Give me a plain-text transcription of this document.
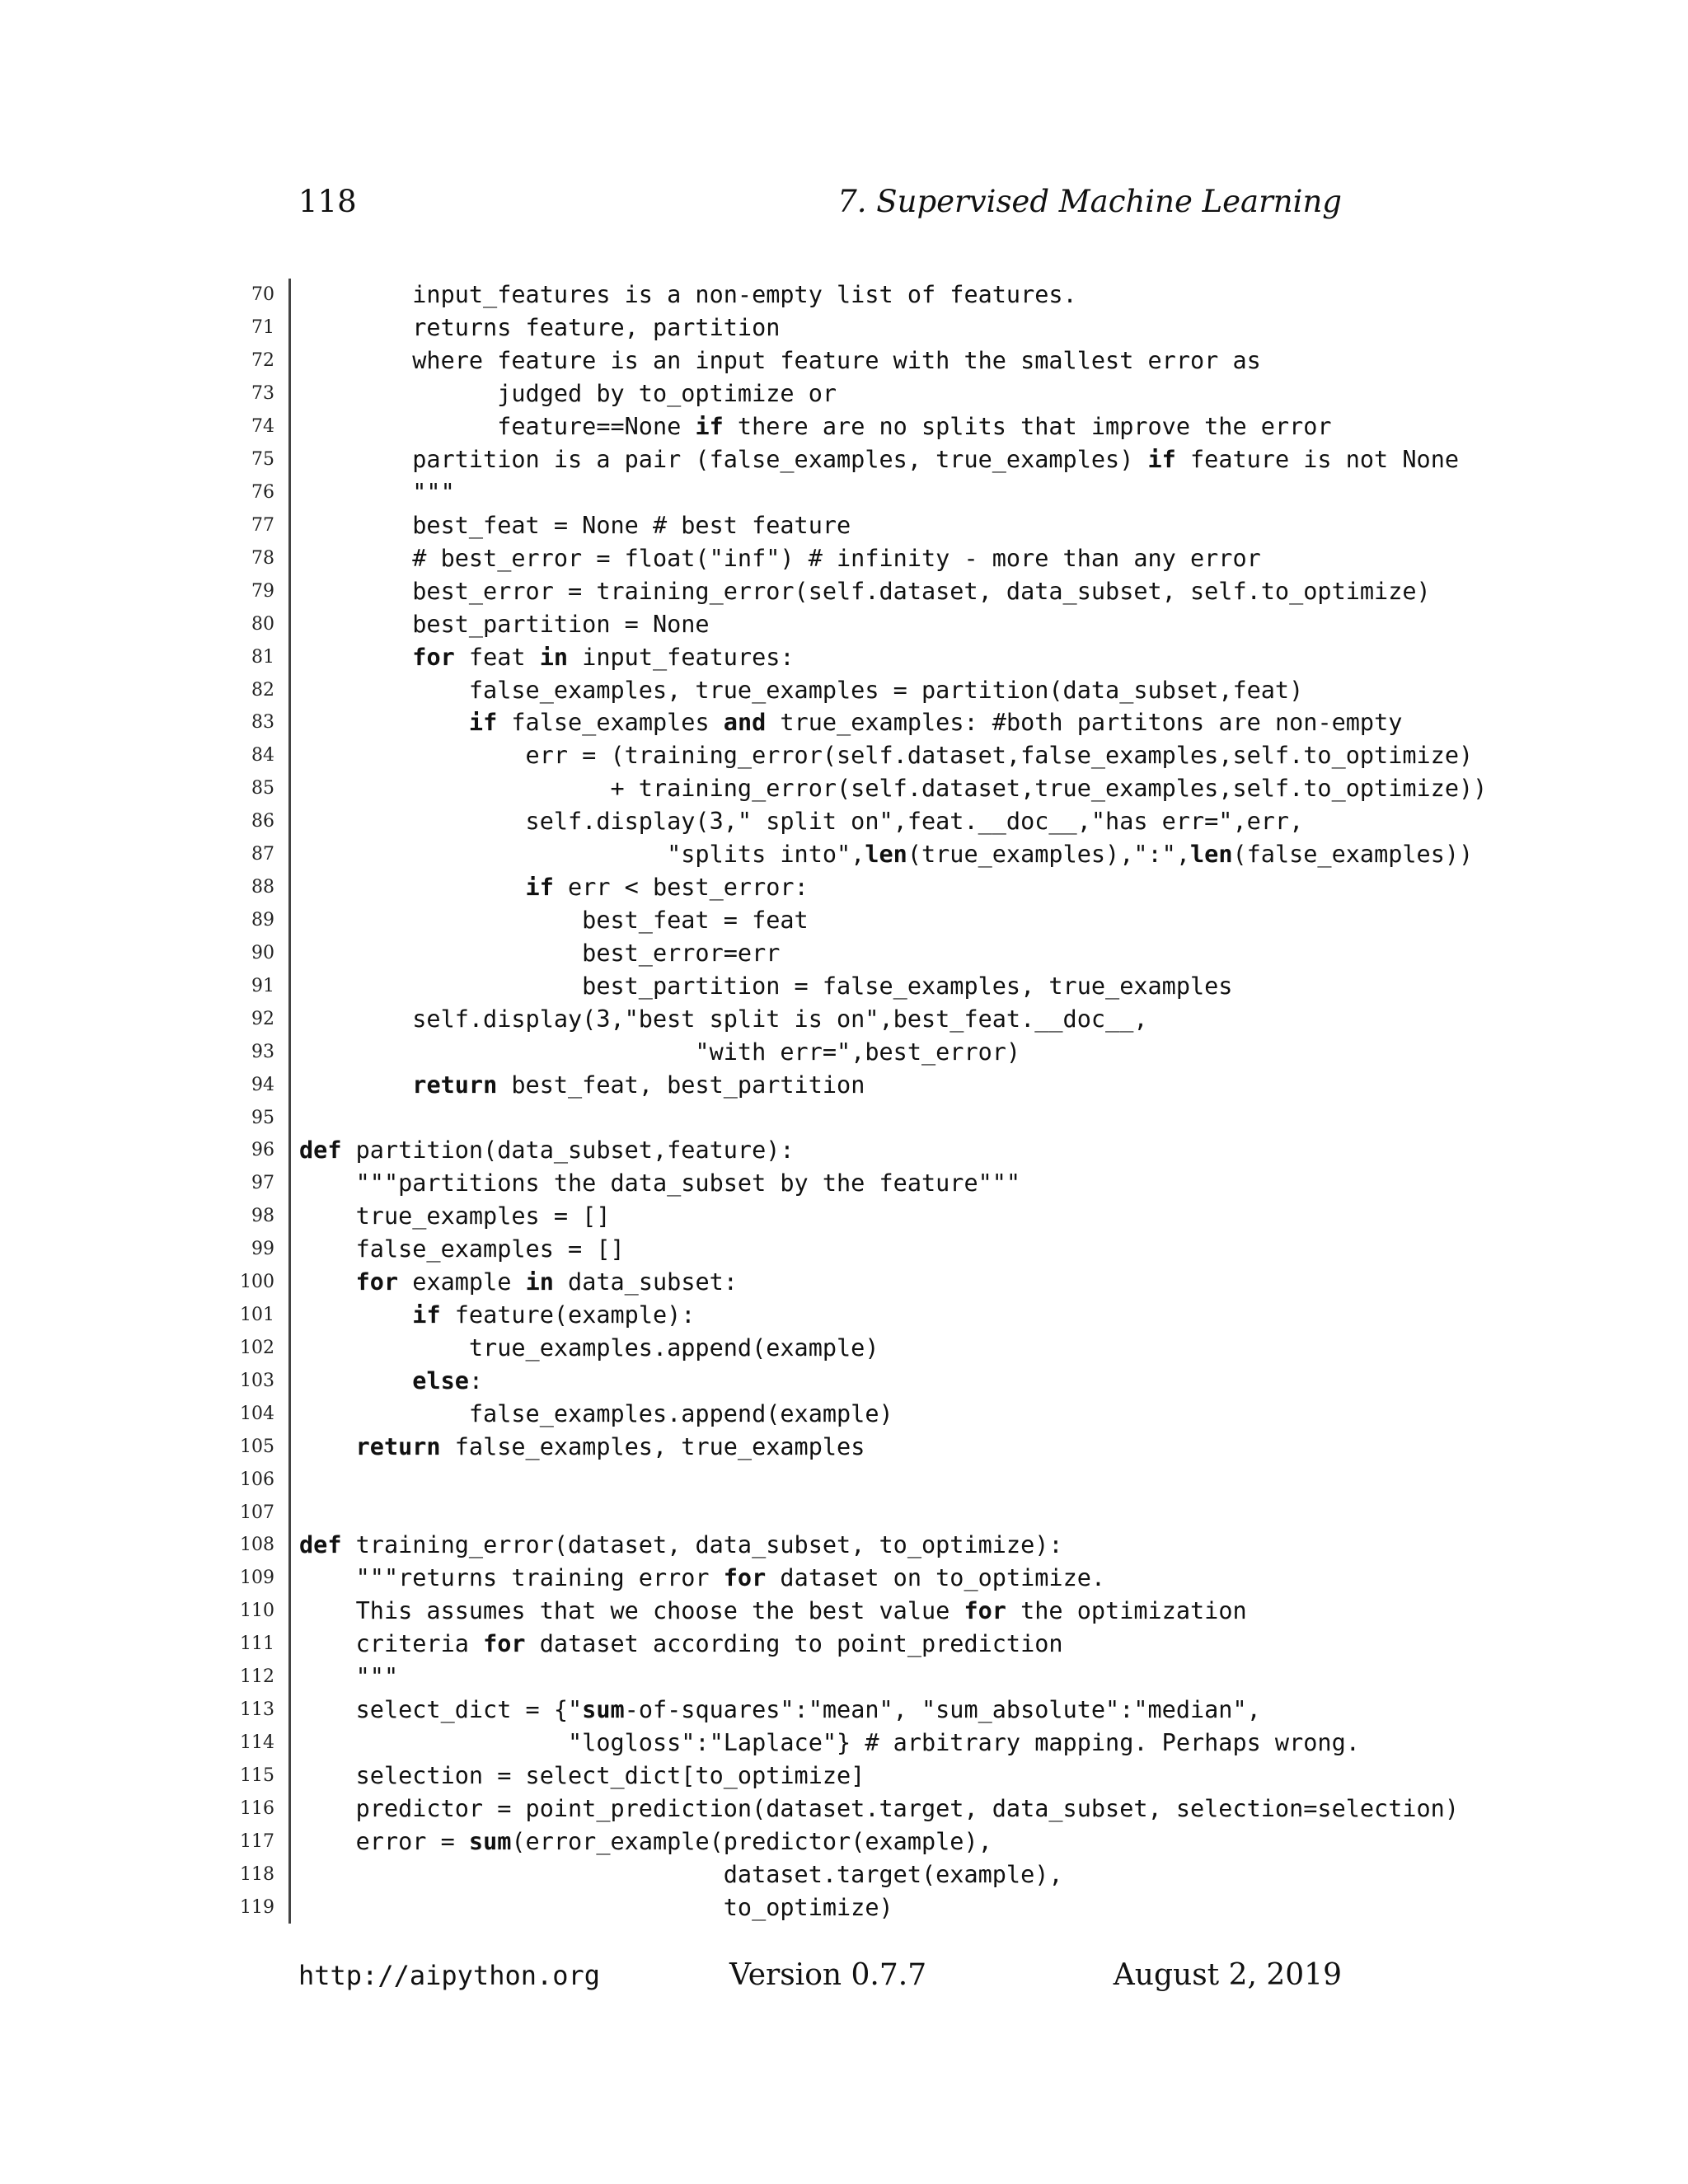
118	7. Supervised Machine Learning
70 input_features is a non-empty list of features.
71 returns feature, partition
72 where feature is an input feature with the smallest error as
73 judged by to_optimize or
74 feature==None if there are no splits that improve the error
75 partition is a pair (false_examples, true_examples) if feature is not None
76 """
77 best_feat = None # best feature
78 # best_error = float("inf") # infinity - more than any error
79 best_error = training_error(self.dataset, data_subset, self.to_optimize)
80 best_partition = None
81	for feat in input_features:
82 false_examples, true_examples = partition(data_subset,feat)
83	if false_examples and true_examples: #both partitons are non-empty
84 err = (training_error(self.dataset,false_examples,self.to_optimize)
85 + training_error(self.dataset,true_examples,self.to_optimize))
86 self.display(3," split on",feat.__doc__,"has err=",err,
87 "splits into",len(true_examples),":",len(false_examples))
88	if err < best_error:
89 best_feat = feat
90 best_error=err
91 best_partition = false_examples, true_examples
92 self.display(3,"best split is on",best_feat.__doc__,
93 "with err=",best_error)
94	return best_feat, best_partition
95
96 def partition(data_subset,feature):
97 """partitions the data_subset by the feature"""
98 true_examples = []
99 false_examples = []
100	for example in data_subset:
101	if feature(example):
102 true_examples.append(example)
103	else:
104 false_examples.append(example)
105	return false_examples, true_examples
106
107
108 def training_error(dataset, data_subset, to_optimize):
109 """returns training error for dataset on to_optimize.
110 This assumes that we choose the best value for the optimization
111 criteria for dataset according to point_prediction
112 """
113 select_dict = {"sum-of-squares":"mean", "sum_absolute":"median",
114 "logloss":"Laplace"} # arbitrary mapping. Perhaps wrong.
115 selection = select_dict[to_optimize]
116 predictor = point_prediction(dataset.target, data_subset, selection=selection)
117 error = sum(error_example(predictor(example),
118 dataset.target(example),
119 to_optimize)
http://aipython.org	Version 0.7.7	August 2, 2019
